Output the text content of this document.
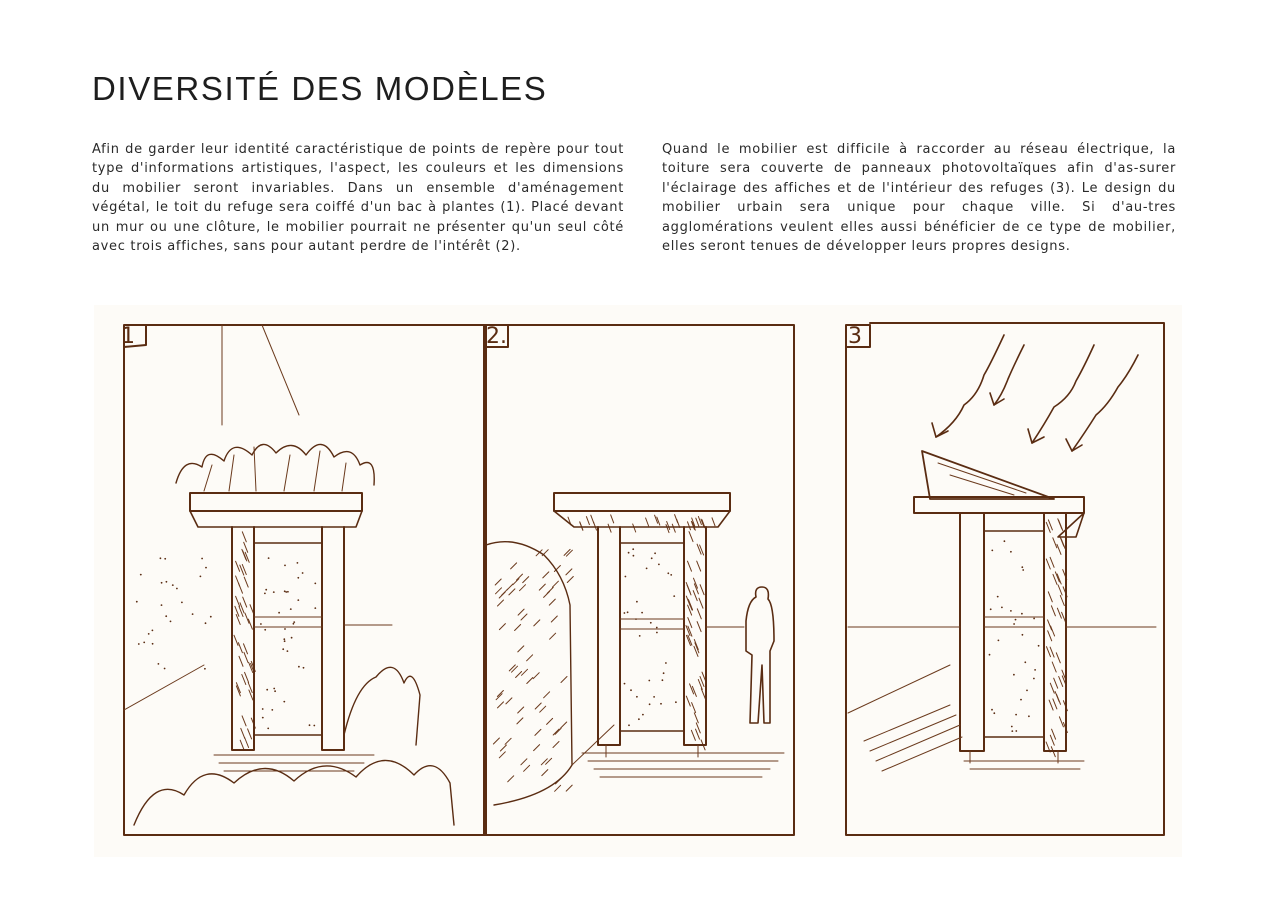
DIVERSITÉ DES MODÈLES

Afin de garder leur identité caractéristique de points de repère pour tout type d'informations artistiques, l'aspect, les couleurs et les dimensions du mobilier seront invariables. Dans un ensemble d'aménagement végétal, le toit du refuge sera coiffé d'un bac à plantes (1). Placé devant un mur ou une clôture, le mobilier pourrait ne présenter qu'un seul côté avec trois affiches, sans pour autant perdre de l'intérêt (2).

Quand le mobilier est difficile à raccorder au réseau électrique, la toiture sera couverte de panneaux photovoltaïques afin d'as-surer l'éclairage des affiches et de l'intérieur des refuges (3). Le design du mobilier urbain sera unique pour chaque ville. Si d'au-tres agglomérations veulent elles aussi bénéficier de ce type de mobilier, elles seront tenues de développer leurs propres designs.

1	2.	3
